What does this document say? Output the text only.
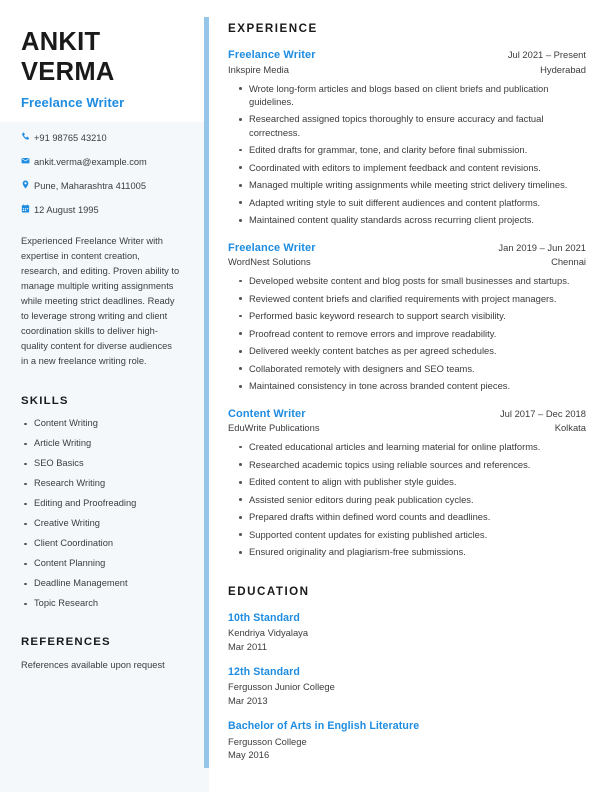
ANKIT
VERMA
Freelance Writer
+91 98765 43210
ankit.verma@example.com
Pune, Maharashtra 411005
12 August 1995

Experienced Freelance Writer with expertise in content creation, research, and editing. Proven ability to manage multiple writing assignments while meeting strict deadlines. Ready to leverage strong writing and client coordination skills to deliver high-quality content for diverse audiences in a new freelance writing role.

SKILLS
Content Writing
Article Writing
SEO Basics
Research Writing
Editing and Proofreading
Creative Writing
Client Coordination
Content Planning
Deadline Management
Topic Research
REFERENCES

References available upon request

EXPERIENCE
Freelance Writer	Jul 2021 – Present
Inkspire Media	Hyderabad
Wrote long-form articles and blogs based on client briefs and publication guidelines.
Researched assigned topics thoroughly to ensure accuracy and factual correctness.
Edited drafts for grammar, tone, and clarity before final submission.
Coordinated with editors to implement feedback and content revisions.
Managed multiple writing assignments while meeting strict delivery timelines.
Adapted writing style to suit different audiences and content platforms.
Maintained content quality standards across recurring client projects.
Freelance Writer	Jan 2019 – Jun 2021
WordNest Solutions	Chennai
Developed website content and blog posts for small businesses and startups.
Reviewed content briefs and clarified requirements with project managers.
Performed basic keyword research to support search visibility.
Proofread content to remove errors and improve readability.
Delivered weekly content batches as per agreed schedules.
Collaborated remotely with designers and SEO teams.
Maintained consistency in tone across branded content pieces.
Content Writer	Jul 2017 – Dec 2018
EduWrite Publications	Kolkata
Created educational articles and learning material for online platforms.
Researched academic topics using reliable sources and references.
Edited content to align with publisher style guides.
Assisted senior editors during peak publication cycles.
Prepared drafts within defined word counts and deadlines.
Supported content updates for existing published articles.
Ensured originality and plagiarism-free submissions.
EDUCATION
10th Standard
Kendriya Vidyalaya
Mar 2011
12th Standard
Fergusson Junior College
Mar 2013
Bachelor of Arts in English Literature
Fergusson College
May 2016
